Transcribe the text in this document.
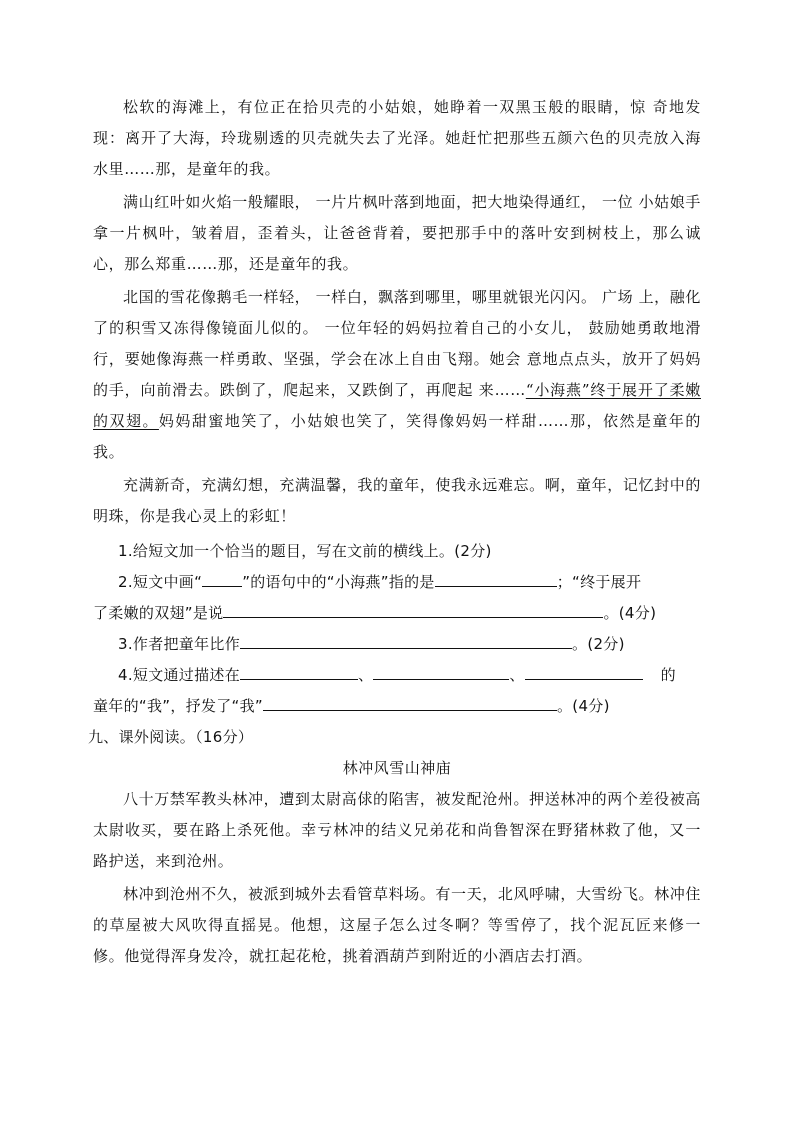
松软的海滩上，有位正在拾贝壳的小姑娘，她睁着一双黑玉般的眼睛，惊 奇地发现：离开了大海，玲珑剔透的贝壳就失去了光泽。她赶忙把那些五颜六色的贝壳放入海水里……那，是童年的我。

满山红叶如火焰一般耀眼， 一片片枫叶落到地面，把大地染得通红， 一位 小姑娘手拿一片枫叶，皱着眉，歪着头，让爸爸背着，要把那手中的落叶安到树枝上，那么诚心，那么郑重……那，还是童年的我。

北国的雪花像鹅毛一样轻， 一样白，飘落到哪里，哪里就银光闪闪。 广场 上，融化了的积雪又冻得像镜面儿似的。 一位年轻的妈妈拉着自己的小女儿， 鼓励她勇敢地滑行，要她像海燕一样勇敢、坚强，学会在冰上自由飞翔。她会 意地点点头，放开了妈妈的手，向前滑去。跌倒了，爬起来，又跌倒了，再爬起 来……“小海燕”终于展开了柔嫩的双翅。妈妈甜蜜地笑了，小姑娘也笑了，笑得像妈妈一样甜……那，依然是童年的我。

充满新奇，充满幻想，充满温馨，我的童年，使我永远难忘。啊，童年，记忆封中的明珠，你是我心灵上的彩虹！

1.给短文加一个恰当的题目，写在文前的横线上。(2分)

2.短文中画“	”的语句中的“小海燕”指的是	；“终于展开

了柔嫩的双翅”是说	。(4分)

3.作者把童年比作	。(2分)

4.短文通过描述在	、	、	的

童年的“我”，抒发了“我”	。(4分)

九、课外阅读。（16分）

林冲风雪山神庙

八十万禁军教头林冲，遭到太尉高俅的陷害，被发配沧州。押送林冲的两个差役被高太尉收买，要在路上杀死他。幸亏林冲的结义兄弟花和尚鲁智深在野猪林救了他，又一路护送，来到沧州。

林冲到沧州不久，被派到城外去看管草料场。有一天，北风呼啸，大雪纷飞。林冲住的草屋被大风吹得直摇晃。他想，这屋子怎么过冬啊？等雪停了，找个泥瓦匠来修一修。他觉得浑身发冷，就扛起花枪，挑着酒葫芦到附近的小酒店去打酒。
